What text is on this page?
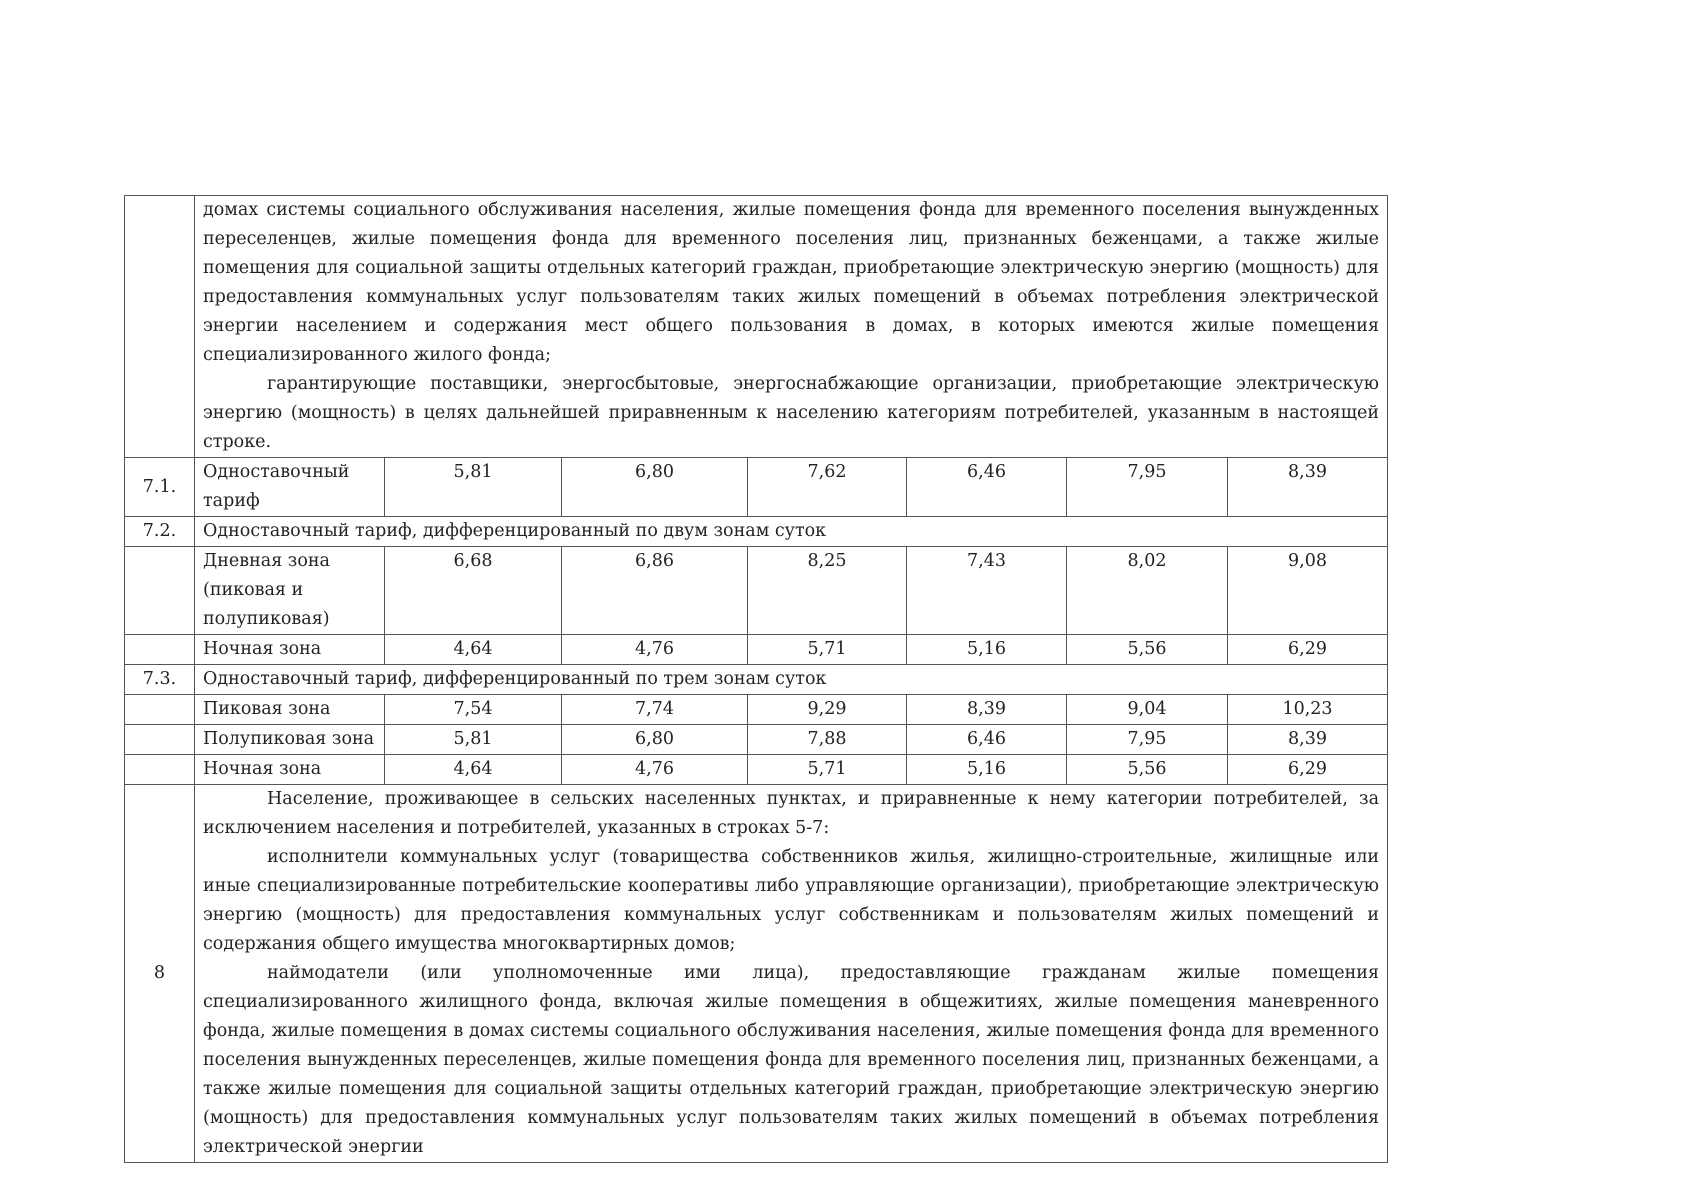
	домах системы социального обслуживания населения, жилые помещения фонда для временного поселения вынужденных переселенцев, жилые помещения фонда для временного поселения лиц, признанных беженцами, а также жилые помещения для социальной защиты отдельных категорий граждан, приобретающие электрическую энергию (мощность) для предоставления коммунальных услуг пользователям таких жилых помещений в объемах потребления электрической энергии населением и содержания мест общего пользования в домах, в которых имеются жилые помещения специализированного жилого фонда;

гарантирующие поставщики, энергосбытовые, энергоснабжающие организации, приобретающие электрическую энергию (мощность) в целях дальнейшей приравненным к населению категориям потребителей, указанным в настоящей строке.						

7.1.	Одноставочный тариф	5,81	6,80	7,62	6,46	7,95	8,39
7.2.	Одноставочный тариф, дифференцированный по двум зонам суток						
	Дневная зона (пиковая и полупиковая)	6,68	6,86	8,25	7,43	8,02	9,08
	Ночная зона	4,64	4,76	5,71	5,16	5,56	6,29
7.3.	Одноставочный тариф, дифференцированный по трем зонам суток						
	Пиковая зона	7,54	7,74	9,29	8,39	9,04	10,23
	Полупиковая зона	5,81	6,80	7,88	6,46	7,95	8,39
	Ночная зона	4,64	4,76	5,71	5,16	5,56	6,29
8	Население, проживающее в сельских населенных пунктах, и приравненные к нему категории потребителей, за исключением населения и потребителей, указанных в строках 5-7:

исполнители коммунальных услуг (товарищества собственников жилья, жилищно-строительные, жилищные или иные специализированные потребительские кооперативы либо управляющие организации), приобретающие электрическую энергию (мощность) для предоставления коммунальных услуг собственникам и пользователям жилых помещений и содержания общего имущества многоквартирных домов;

наймодатели (или уполномоченные ими лица), предоставляющие гражданам жилые помещения специализированного жилищного фонда, включая жилые помещения в общежитиях, жилые помещения маневренного фонда, жилые помещения в домах системы социального обслуживания населения, жилые помещения фонда для временного поселения вынужденных переселенцев, жилые помещения фонда для временного поселения лиц, признанных беженцами, а также жилые помещения для социальной защиты отдельных категорий граждан, приобретающие электрическую энергию (мощность) для предоставления коммунальных услуг пользователям таких жилых помещений в объемах потребления электрической энергии						
